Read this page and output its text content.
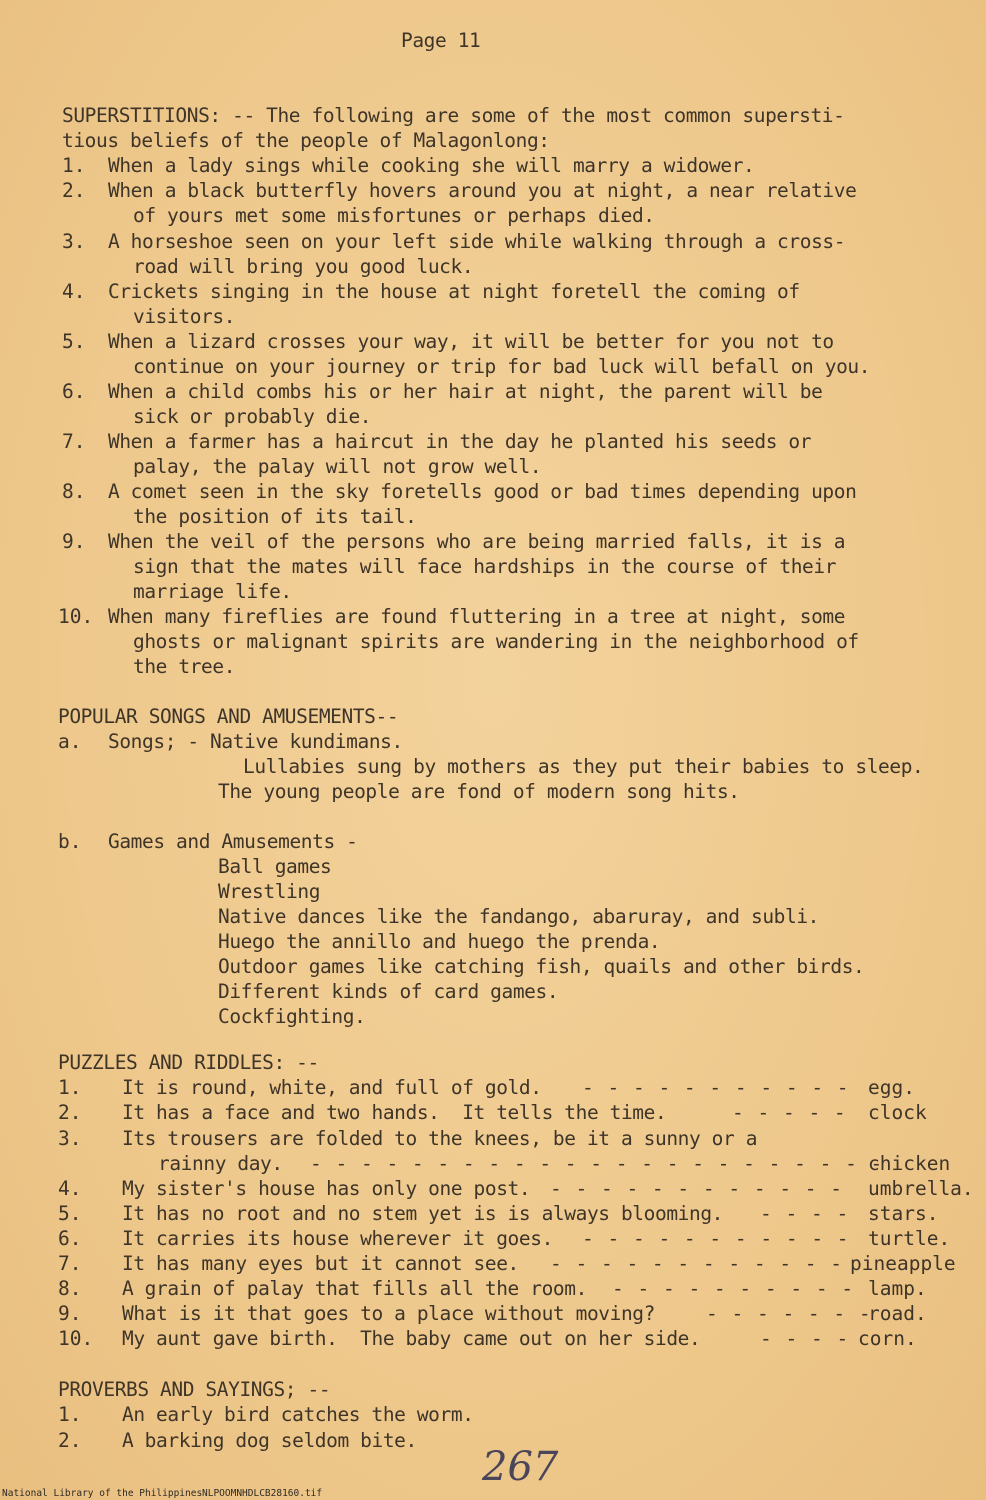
Page 11
SUPERSTITIONS: -- The following are some of the most common supersti-
tious beliefs of the people of Malagonlong:
1. When a lady sings while cooking she will marry a widower.
2. When a black butterfly hovers around you at night, a near relative
of yours met some misfortunes or perhaps died.
3. A horseshoe seen on your left side while walking through a cross-
road will bring you good luck.
4. Crickets singing in the house at night foretell the coming of
visitors.
5. When a lizard crosses your way, it will be better for you not to
continue on your journey or trip for bad luck will befall on you.
6. When a child combs his or her hair at night, the parent will be
sick or probably die.
7. When a farmer has a haircut in the day he planted his seeds or
palay, the palay will not grow well.
8. A comet seen in the sky foretells good or bad times depending upon
the position of its tail.
9. When the veil of the persons who are being married falls, it is a
sign that the mates will face hardships in the course of their
marriage life.
10. When many fireflies are found fluttering in a tree at night, some
ghosts or malignant spirits are wandering in the neighborhood of
the tree.
POPULAR SONGS AND AMUSEMENTS--
a. Songs; - Native kundimans.
Lullabies sung by mothers as they put their babies to sleep.
The young people are fond of modern song hits.
b. Games and Amusements -
Ball games
Wrestling
Native dances like the fandango, abaruray, and subli.
Huego the annillo and huego the prenda.
Outdoor games like catching fish, quails and other birds.
Different kinds of card games.
Cockfighting.
PUZZLES AND RIDDLES: --
1. It is round, white, and full of gold. - - - - - - - - - - - egg.
2. It has a face and two hands.  It tells the time.	- - - - - clock
3. Its trousers are folded to the knees, be it a sunny or a
rainny day. - - - - - - - - - - - - - - - - - - - - - - -
chicken
4. My sister's house has only one post. - - - - - - - - - - - - umbrella.
5. It has no root and no stem yet is is always blooming. - - - - stars.
6. It carries its house wherever it goes. - - - - - - - - - - - turtle.
7. It has many eyes but it cannot see. - - - - - - - - - - - - pineapple
8. A grain of palay that fills all the room. - - - - - - - - - - lamp.
9. What is it that goes to a place without moving?	- - - - - - -
road.
10. My aunt gave birth.  The baby came out on her side.	- - - - corn.
PROVERBS AND SAYINGS; --
1. An early bird catches the worm.
2. A barking dog seldom bite.
267
National Library of the Philippines NLPOOMNHDLCB28160.tif
